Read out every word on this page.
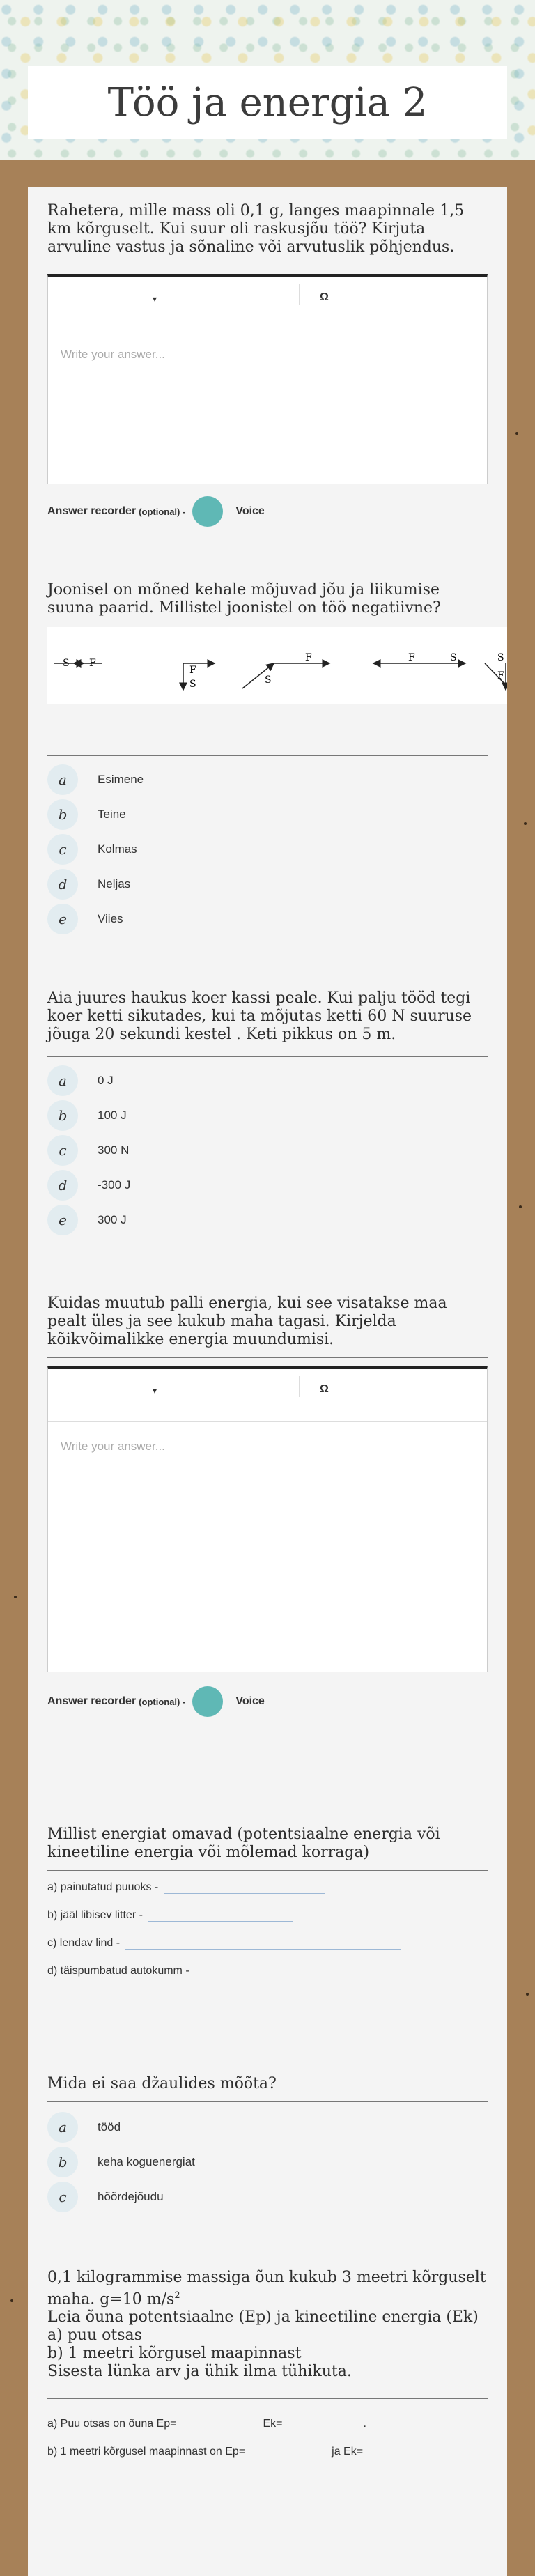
Töö ja energia 2

Rahetera, mille mass oli 0,1 g, langes maapinnale 1,5 km kõrguselt. Kui suur oli raskusjõu töö? Kirjuta arvuline vastus ja sõnaline või arvutuslik põhjendus.

▾	Ω
Write your answer...
Answer recorder (optional) -	Voice

Joonisel on mõned kehale mõjuvad jõu ja liikumise suuna paarid. Millistel joonistel on töö negatiivne?

S F
F
S
F
S
F	S	S
F
a	Esimene
b	Teine
c	Kolmas
d	Neljas
e	Viies

Aia juures haukus koer kassi peale. Kui palju tööd tegi koer ketti sikutades, kui ta mõjutas ketti 60 N suuruse jõuga 20 sekundi kestel . Keti pikkus on 5 m.

a	0 J
b	100 J
c	300 N
d	-300 J
e	300 J

Kuidas muutub palli energia, kui see visatakse maa pealt üles ja see kukub maha tagasi. Kirjelda kõikvõimalikke energia muundumisi.

▾	Ω
Write your answer...
Answer recorder (optional) -	Voice

Millist energiat omavad (potentsiaalne energia või kineetiline energia või mõlemad korraga)

a) painutatud puuoks -
b) jääl libisev litter -
c) lendav lind -
d) täispumbatud autokumm -

Mida ei saa džaulides mõõta?

a	tööd
b	keha koguenergiat
c	hõõrdejõudu
0,1 kilogrammise massiga õun kukub 3 meetri kõrguselt maha. g=10 $m/s^2$
Leia õuna potentsiaalne (Ep) ja kineetiline energia (Ek)
a) puu otsas
b) 1 meetri kõrgusel maapinnast
Sisesta lünka arv ja ühik ilma tühikuta.
a) Puu otsas on õuna Ep=	Ek=	.
b) 1 meetri kõrgusel maapinnast on Ep=	ja Ek=
